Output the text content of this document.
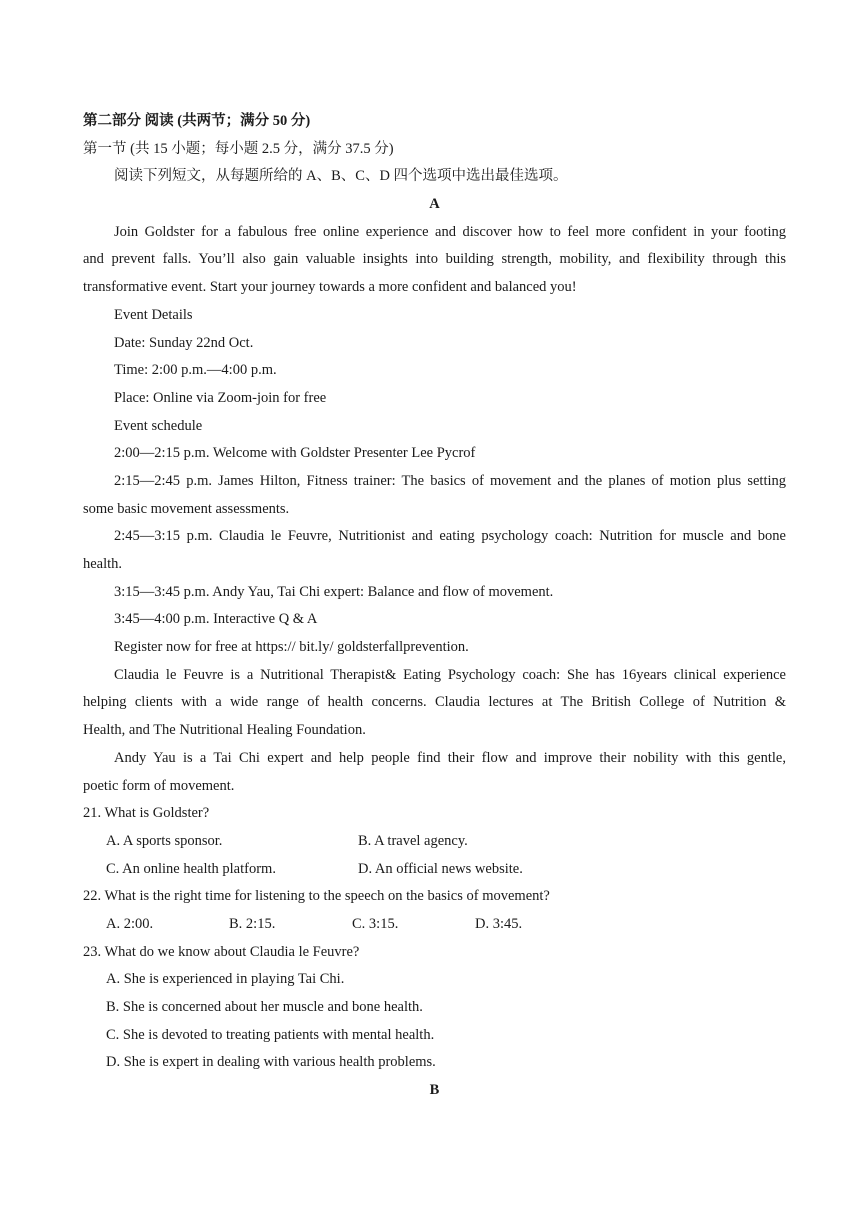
第二部分 阅读 (共两节；满分 50 分)
第一节 (共 15 小题；每小题 2.5 分，满分 37.5 分)
阅读下列短文，从每题所给的 A、B、C、D 四个选项中选出最佳选项。
A
Join Goldster for a fabulous free online experience and discover how to feel more confident in your footing
and prevent falls. You’ll also gain valuable insights into building strength, mobility, and flexibility through this
transformative event. Start your journey towards a more confident and balanced you!
Event Details
Date: Sunday 22nd Oct.
Time: 2:00 p.m.—4:00 p.m.
Place: Online via Zoom-join for free
Event schedule
2:00—2:15 p.m. Welcome with Goldster Presenter Lee Pycrof
2:15—2:45 p.m. James Hilton, Fitness trainer: The basics of movement and the planes of motion plus setting
some basic movement assessments.
2:45—3:15 p.m. Claudia le Feuvre, Nutritionist and eating psychology coach: Nutrition for muscle and bone
health.
3:15—3:45 p.m. Andy Yau, Tai Chi expert: Balance and flow of movement.
3:45—4:00 p.m. Interactive Q & A
Register now for free at https:// bit.ly/ goldsterfallprevention.
Claudia le Feuvre is a Nutritional Therapist& Eating Psychology coach: She has 16years clinical experience
helping clients with a wide range of health concerns. Claudia lectures at The British College of Nutrition &
Health, and The Nutritional Healing Foundation.
Andy Yau is a Tai Chi expert and help people find their flow and improve their nobility with this gentle,
poetic form of movement.
21. What is Goldster?
A. A sports sponsor.	B. A travel agency.
C. An online health platform.	D. An official news website.
22. What is the right time for listening to the speech on the basics of movement?
A. 2:00.	B. 2:15.	C. 3:15.	D. 3:45.
23. What do we know about Claudia le Feuvre?
A. She is experienced in playing Tai Chi.
B. She is concerned about her muscle and bone health.
C. She is devoted to treating patients with mental health.
D. She is expert in dealing with various health problems.
B
